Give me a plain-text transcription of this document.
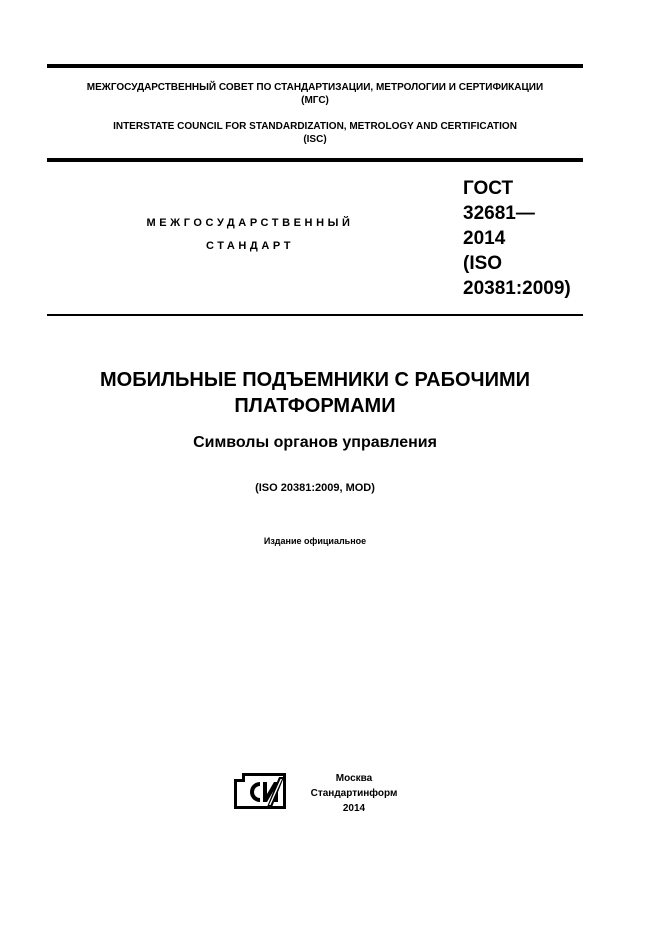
МЕЖГОСУДАРСТВЕННЫЙ СОВЕТ ПО СТАНДАРТИЗАЦИИ, МЕТРОЛОГИИ И СЕРТИФИКАЦИИ
(МГС)
INTERSTATE COUNCIL FOR STANDARDIZATION, METROLOGY AND CERTIFICATION
(ISC)
МЕЖГОСУДАРСТВЕННЫЙ
СТАНДАРТ
ГОСТ
32681—
2014
(ISO
20381:2009)
МОБИЛЬНЫЕ ПОДЪЕМНИКИ С РАБОЧИМИ
ПЛАТФОРМАМИ
Символы органов управления
(ISO 20381:2009, MOD)
Издание официальное
Москва
Стандартинформ
2014
